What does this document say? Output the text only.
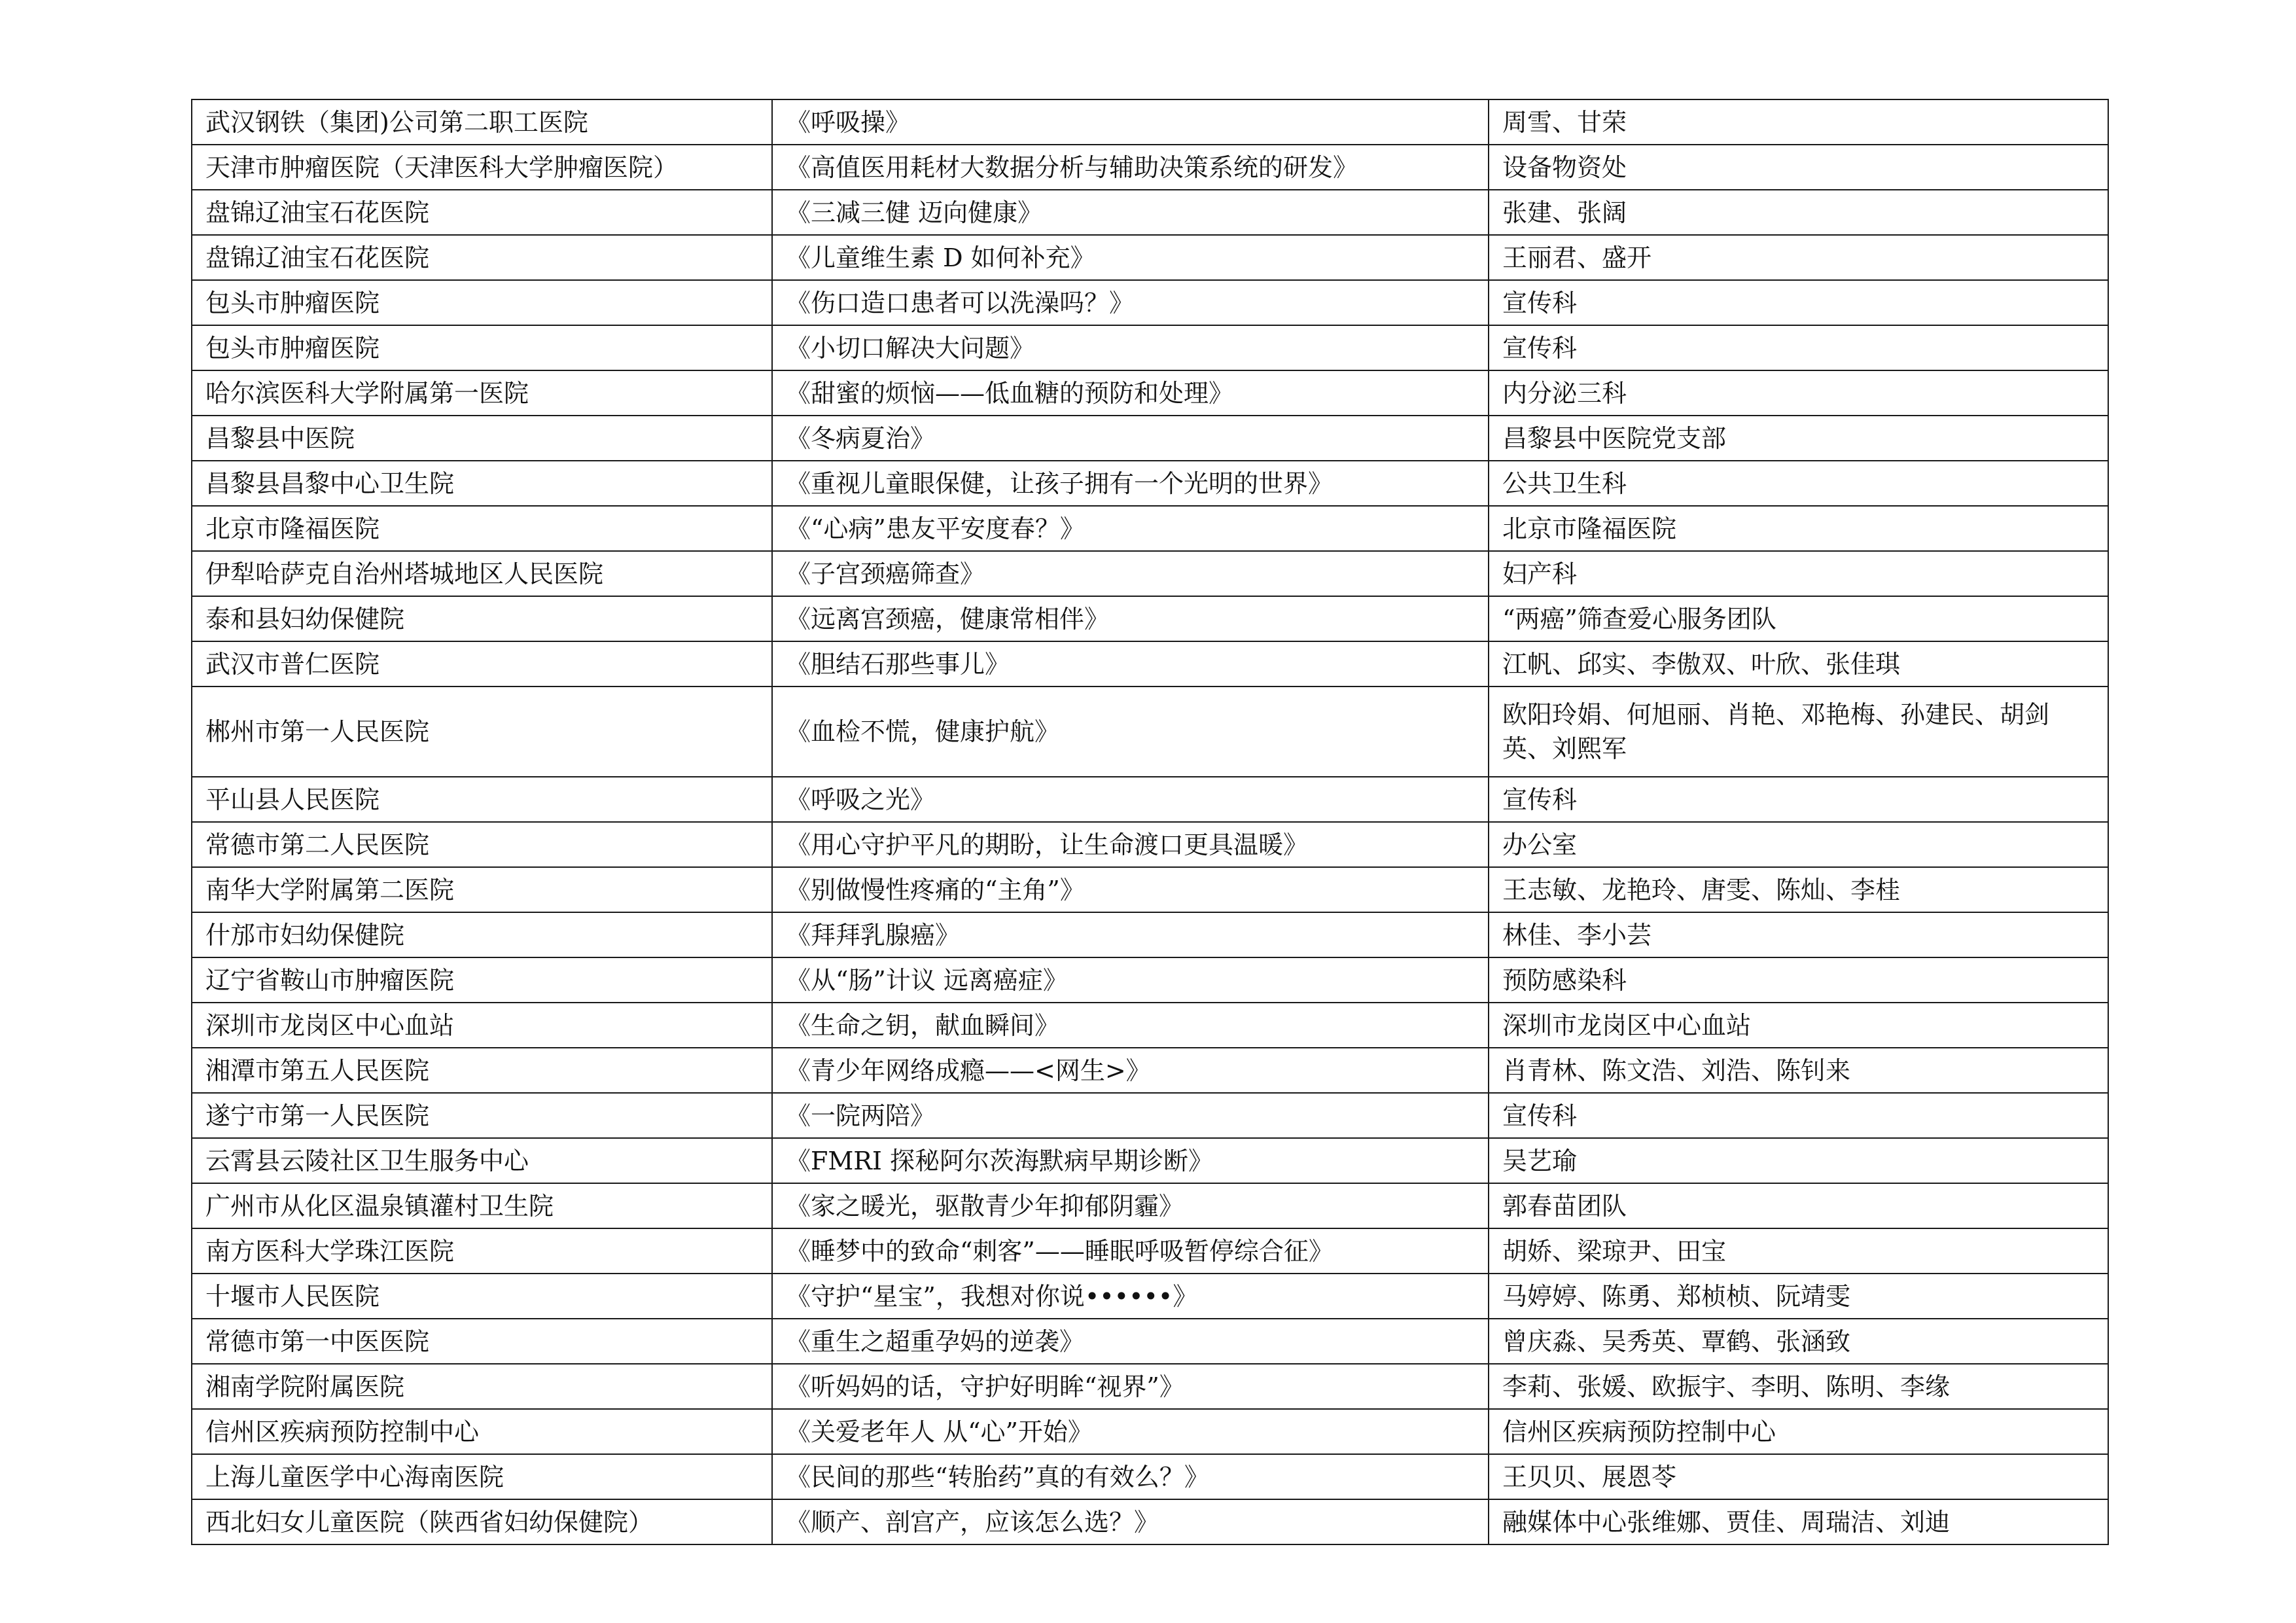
武汉钢铁（集团)公司第二职工医院	《呼吸操》	周雪、甘荣
天津市肿瘤医院（天津医科大学肿瘤医院）	《高值医用耗材大数据分析与辅助决策系统的研发》	设备物资处
盘锦辽油宝石花医院	《三减三健 迈向健康》	张建、张阔
盘锦辽油宝石花医院	《儿童维生素 D 如何补充》	王丽君、盛开
包头市肿瘤医院	《伤口造口患者可以洗澡吗？》	宣传科
包头市肿瘤医院	《小切口解决大问题》	宣传科
哈尔滨医科大学附属第一医院	《甜蜜的烦恼——低血糖的预防和处理》	内分泌三科
昌黎县中医院	《冬病夏治》	昌黎县中医院党支部
昌黎县昌黎中心卫生院	《重视儿童眼保健，让孩子拥有一个光明的世界》	公共卫生科
北京市隆福医院	《“心病”患友平安度春？》	北京市隆福医院
伊犁哈萨克自治州塔城地区人民医院	《子宫颈癌筛查》	妇产科
泰和县妇幼保健院	《远离宫颈癌，健康常相伴》	“两癌”筛查爱心服务团队
武汉市普仁医院	《胆结石那些事儿》	江帆、邱实、李傲双、叶欣、张佳琪
郴州市第一人民医院	《血检不慌，健康护航》	欧阳玲娟、何旭丽、肖艳、邓艳梅、孙建民、胡剑英、刘熙军
平山县人民医院	《呼吸之光》	宣传科
常德市第二人民医院	《用心守护平凡的期盼，让生命渡口更具温暖》	办公室
南华大学附属第二医院	《别做慢性疼痛的“主角”》	王志敏、龙艳玲、唐雯、陈灿、李桂
什邡市妇幼保健院	《拜拜乳腺癌》	林佳、李小芸
辽宁省鞍山市肿瘤医院	《从“肠”计议 远离癌症》	预防感染科
深圳市龙岗区中心血站	《生命之钥，献血瞬间》	深圳市龙岗区中心血站
湘潭市第五人民医院	《青少年网络成瘾——<网生>》	肖青林、陈文浩、刘浩、陈钊来
遂宁市第一人民医院	《一院两陪》	宣传科
云霄县云陵社区卫生服务中心	《FMRI 探秘阿尔茨海默病早期诊断》	吴艺瑜
广州市从化区温泉镇灌村卫生院	《家之暖光，驱散青少年抑郁阴霾》	郭春苗团队
南方医科大学珠江医院	《睡梦中的致命“刺客”——睡眠呼吸暂停综合征》	胡娇、梁琼尹、田宝
十堰市人民医院	《守护“星宝”，我想对你说••••••》	马婷婷、陈勇、郑桢桢、阮靖雯
常德市第一中医医院	《重生之超重孕妈的逆袭》	曾庆淼、吴秀英、覃鹤、张涵致
湘南学院附属医院	《听妈妈的话，守护好明眸“视界”》	李莉、张媛、欧振宇、李明、陈明、李缘
信州区疾病预防控制中心	《关爱老年人 从“心”开始》	信州区疾病预防控制中心
上海儿童医学中心海南医院	《民间的那些“转胎药”真的有效么？》	王贝贝、展恩苓
西北妇女儿童医院（陕西省妇幼保健院）	《顺产、剖宫产，应该怎么选？》	融媒体中心张维娜、贾佳、周瑞洁、刘迪
